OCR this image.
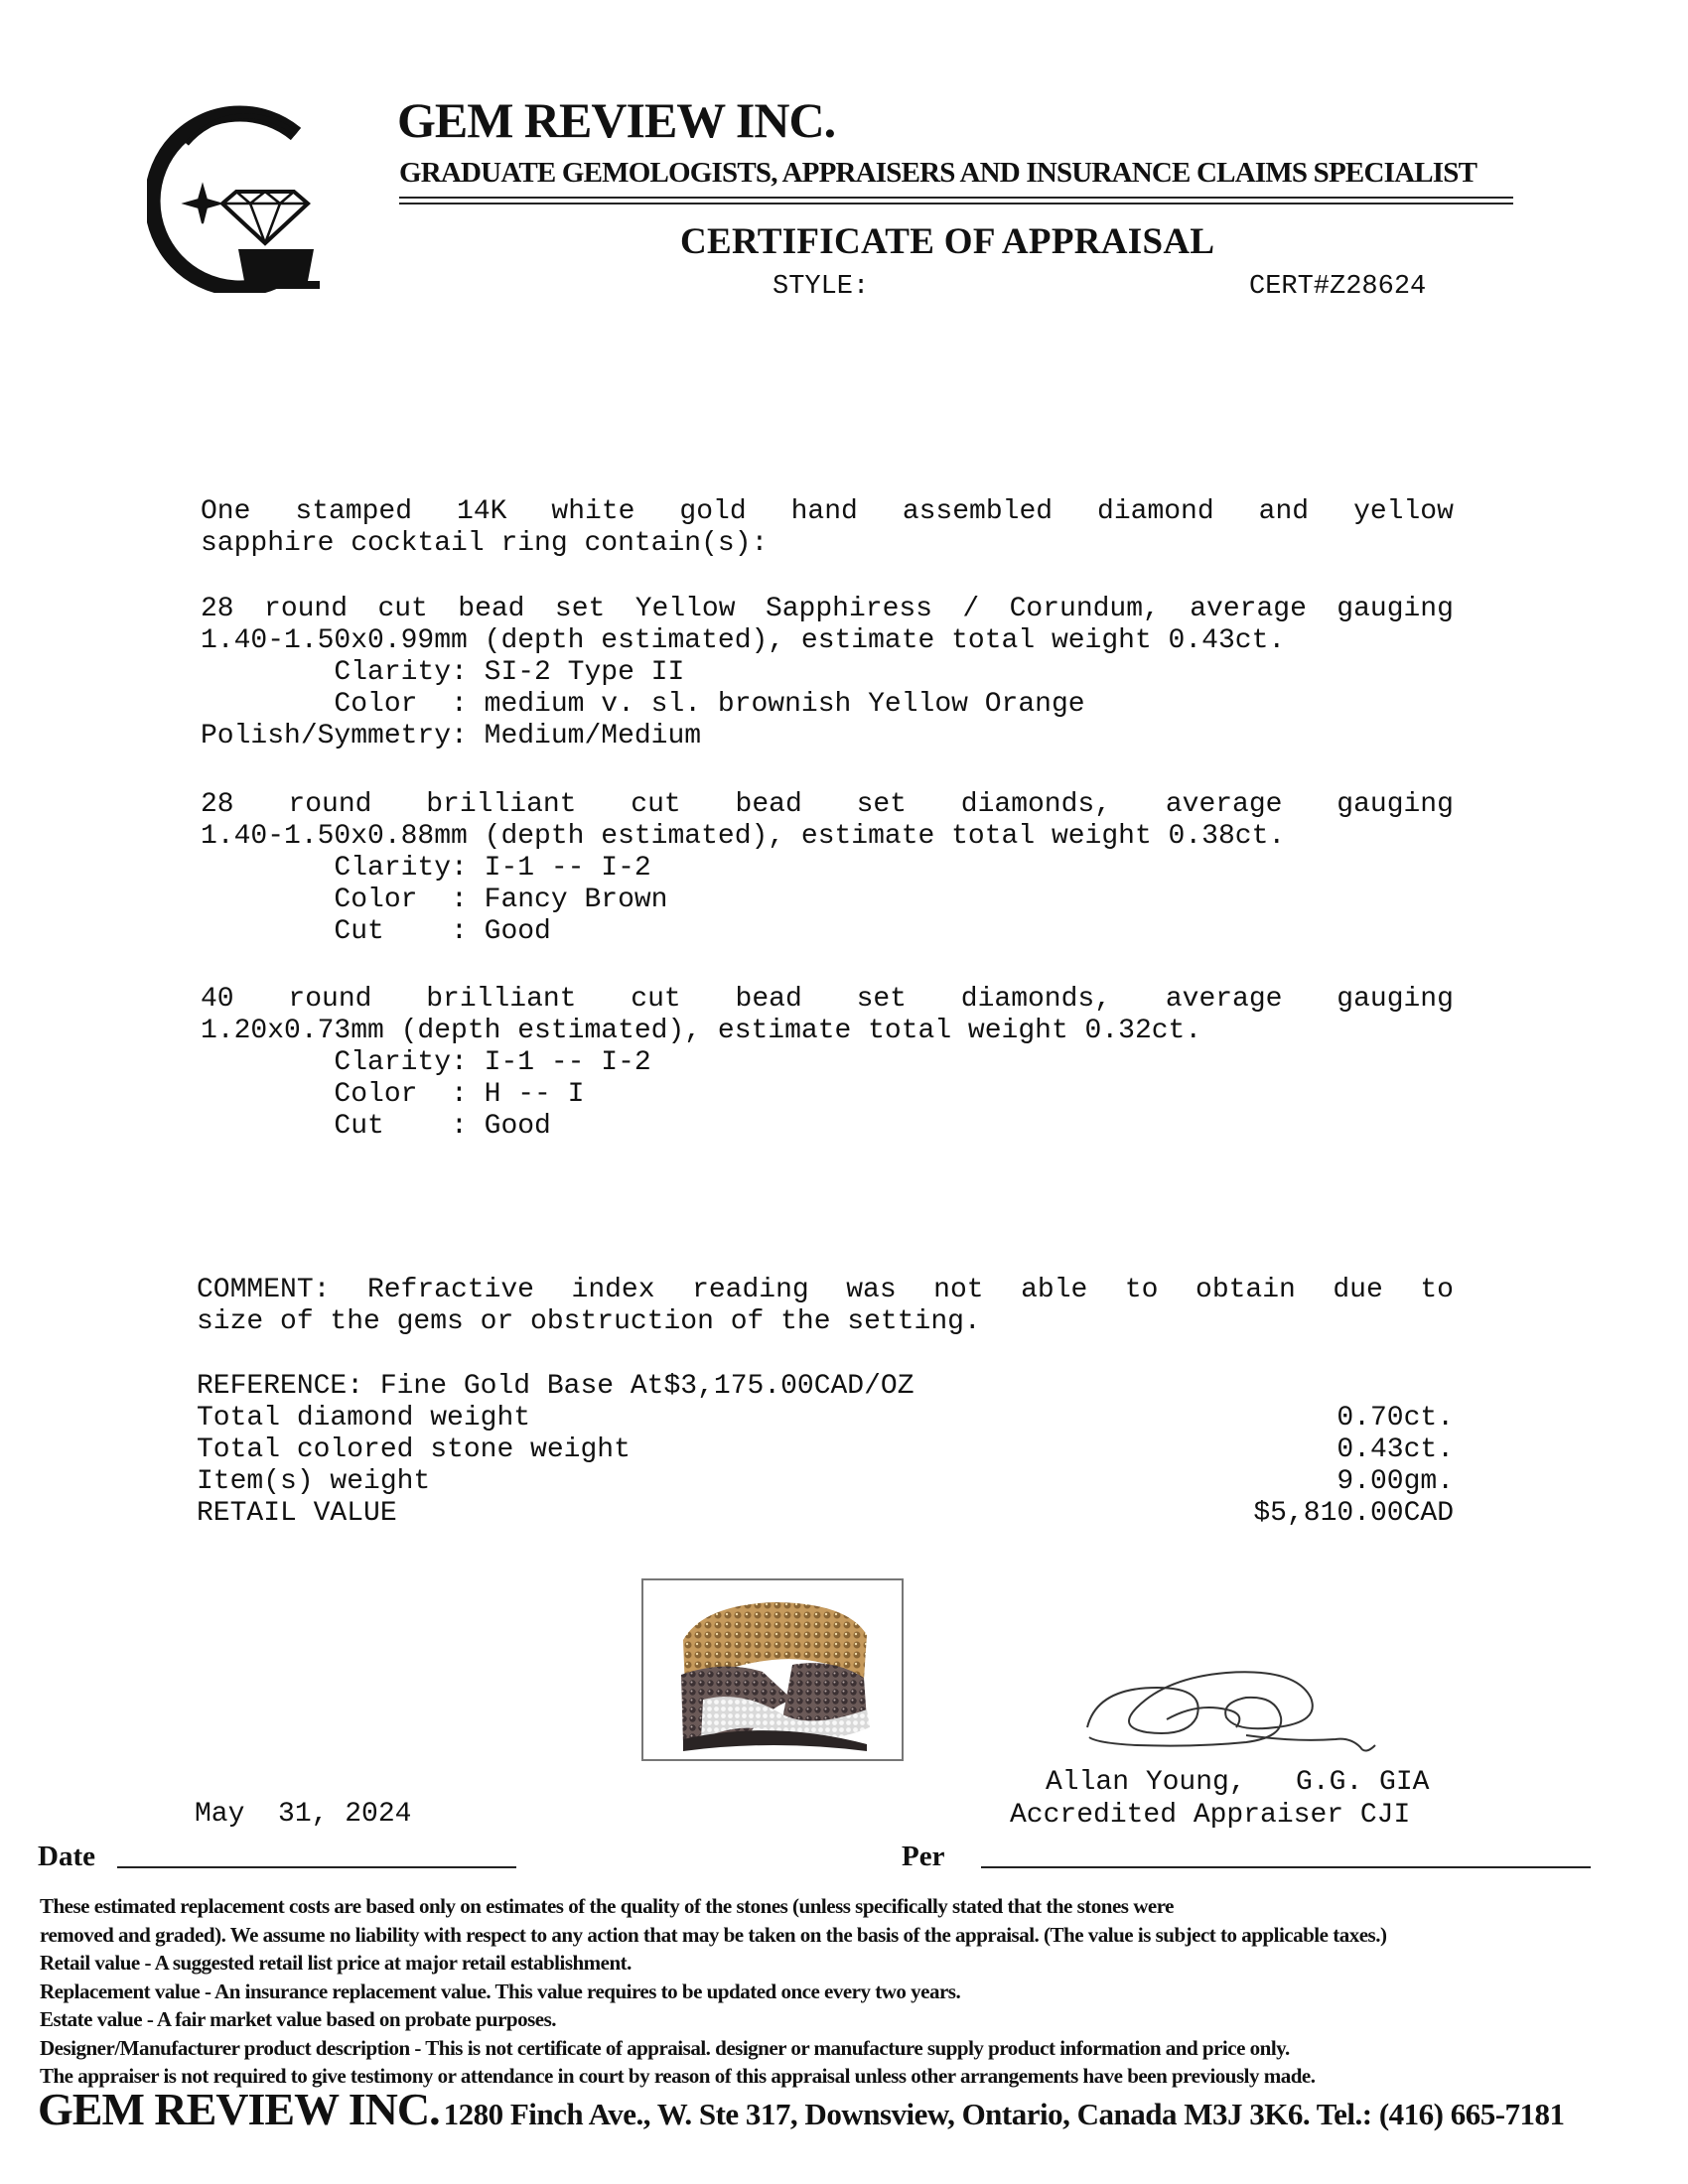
GEM REVIEW INC.
GRADUATE GEMOLOGISTS, APPRAISERS AND INSURANCE CLAIMS SPECIALIST
CERTIFICATE OF APPRAISAL
STYLE:	CERT#Z28624
One stamped 14K white gold hand assembled diamond and yellow
sapphire cocktail ring contain(s):
28 round cut bead set Yellow Sapphiress / Corundum, average gauging
1.40-1.50x0.99mm (depth estimated), estimate total weight 0.43ct.
Clarity: SI-2 Type II
Color  : medium v. sl. brownish Yellow Orange
Polish/Symmetry: Medium/Medium
28 round brilliant cut bead set diamonds, average gauging
1.40-1.50x0.88mm (depth estimated), estimate total weight 0.38ct.
Clarity: I-1 -- I-2
Color  : Fancy Brown
Cut    : Good
40 round brilliant cut bead set diamonds, average gauging
1.20x0.73mm (depth estimated), estimate total weight 0.32ct.
Clarity: I-1 -- I-2
Color  : H -- I
Cut    : Good
COMMENT: Refractive index reading was not able to obtain due to
size of the gems or obstruction of the setting.
REFERENCE: Fine Gold Base At$3,175.00CAD/OZ
Total diamond weight	0.70ct.
Total colored stone weight	0.43ct.
Item(s) weight	9.00gm.
RETAIL VALUE	$5,810.00CAD
Allan Young,   G.G. GIA
Accredited Appraiser CJI
May  31, 2024
Date	Per
These estimated replacement costs are based only on estimates of the quality of the stones (unless specifically stated that the stones were
removed and graded). We assume no liability with respect to any action that may be taken on the basis of the appraisal. (The value is subject to applicable taxes.)
Retail value - A suggested retail list price at major retail establishment.
Replacement value - An insurance replacement value. This value requires to be updated once every two years.
Estate value - A fair market value based on probate purposes.
Designer/Manufacturer product description - This is not certificate of appraisal. designer or manufacture supply product information and price only.
The appraiser is not required to give testimony or attendance in court by reason of this appraisal unless other arrangements have been previously made.
GEM REVIEW INC. 1280 Finch Ave., W. Ste 317, Downsview, Ontario, Canada M3J 3K6. Tel.: (416) 665-7181
